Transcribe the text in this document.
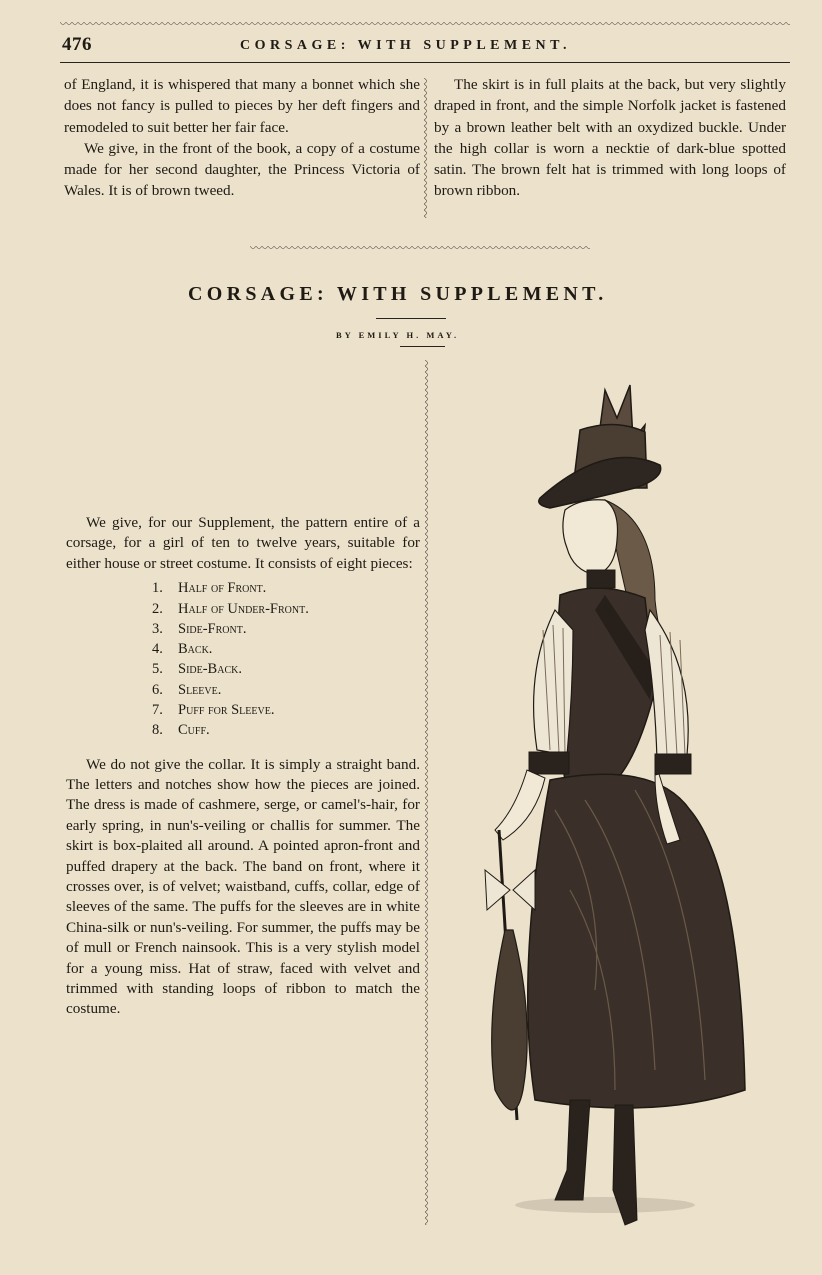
476	CORSAGE: WITH SUPPLEMENT.

of England, it is whispered that many a bonnet which she does not fancy is pulled to pieces by her deft fingers and remodeled to suit better her fair face.

We give, in the front of the book, a copy of a costume made for her second daughter, the Princess Victoria of Wales. It is of brown tweed.

The skirt is in full plaits at the back, but very slightly draped in front, and the simple Norfolk jacket is fastened by a brown leather belt with an oxydized buckle. Under the high collar is worn a necktie of dark-blue spotted satin. The brown felt hat is trimmed with long loops of brown ribbon.

CORSAGE: WITH SUPPLEMENT.
BY EMILY H. MAY.

We give, for our Supplement, the pattern entire of a corsage, for a girl of ten to twelve years, suitable for either house or street costume. It consists of eight pieces:

1.	Half of Front.
2.	Half of Under-Front.
3.	Side-Front.
4.	Back.
5.	Side-Back.
6.	Sleeve.
7.	Puff for Sleeve.
8.	Cuff.

We do not give the collar. It is simply a straight band. The letters and notches show how the pieces are joined. The dress is made of cashmere, serge, or camel's-hair, for early spring, in nun's-veiling or challis for summer. The skirt is box-plaited all around. A pointed apron-front and puffed drapery at the back. The band on front, where it crosses over, is of velvet; waistband, cuffs, collar, edge of sleeves of the same. The puffs for the sleeves are in white China-silk or nun's-veiling. For summer, the puffs may be of mull or French nainsook. This is a very stylish model for a young miss. Hat of straw, faced with velvet and trimmed with standing loops of ribbon to match the costume.
